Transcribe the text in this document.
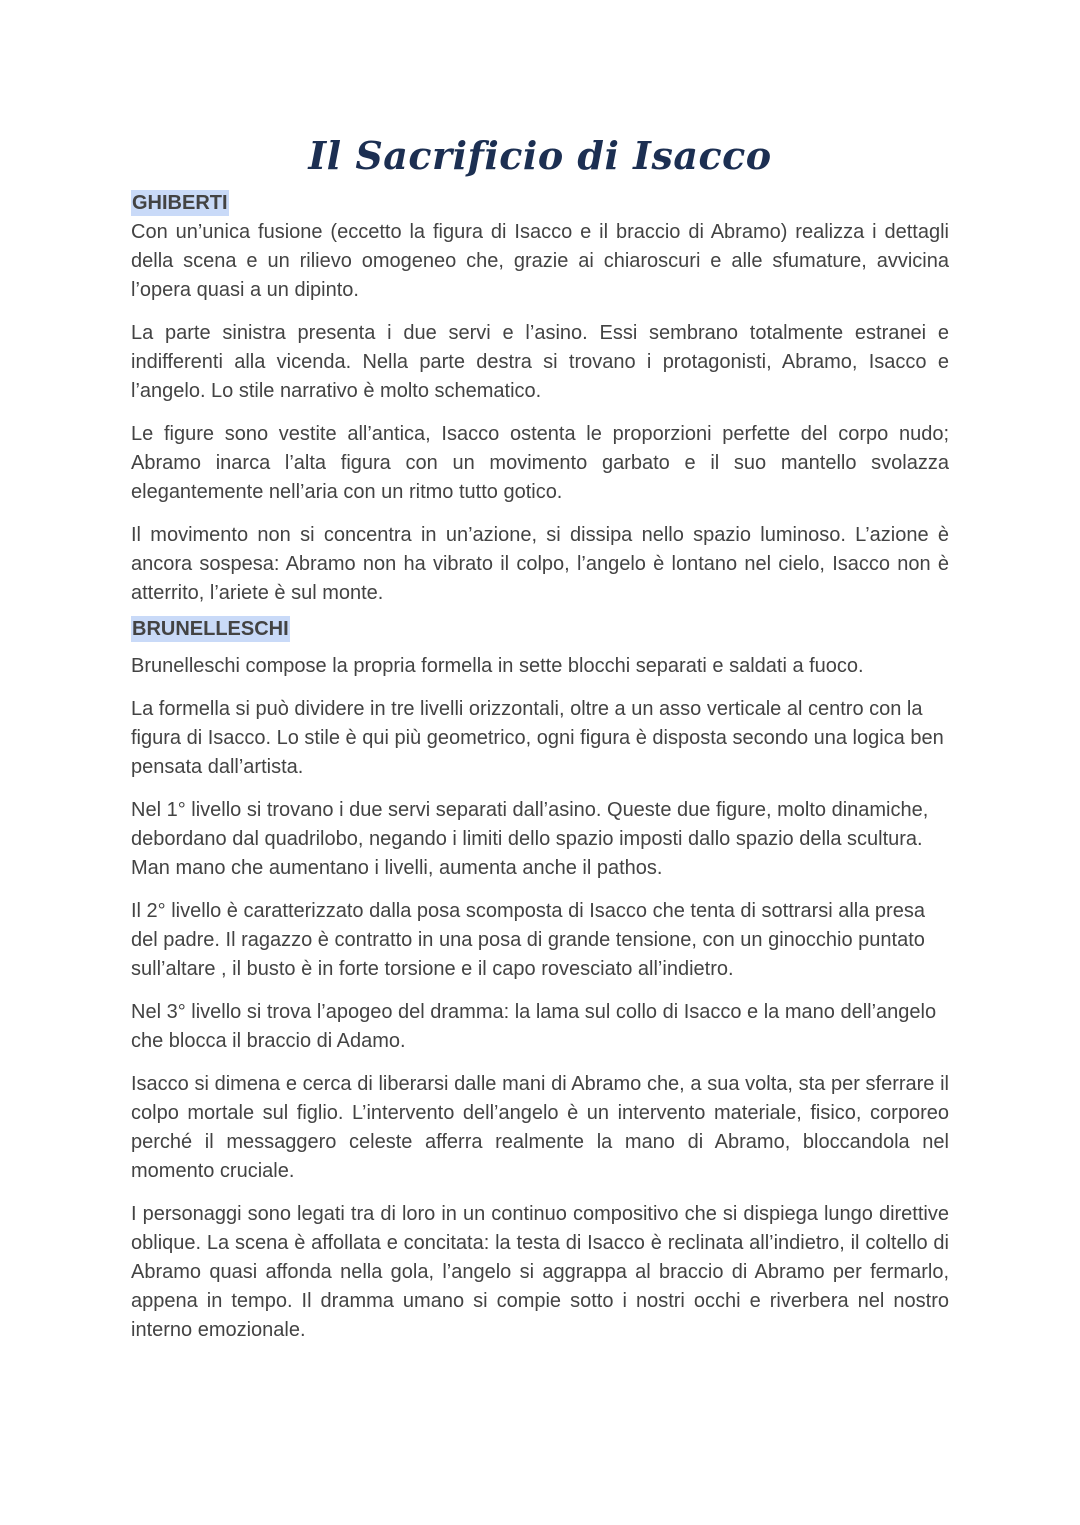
Il Sacrificio di Isacco
GHIBERTI

Con un’unica fusione (eccetto la figura di Isacco e il braccio di Abramo) realizza i dettagli della scena e un rilievo omogeneo che, grazie ai chiaroscuri e alle sfumature, avvicina l’opera quasi a un dipinto.

La parte sinistra presenta i due servi e l’asino. Essi sembrano totalmente estranei e indifferenti alla vicenda. Nella parte destra si trovano i protagonisti, Abramo, Isacco e l’angelo. Lo stile narrativo è molto schematico.

Le figure sono vestite all’antica, Isacco ostenta le proporzioni perfette del corpo nudo; Abramo inarca l’alta figura con un movimento garbato e il suo mantello svolazza elegantemente nell’aria con un ritmo tutto gotico.

Il movimento non si concentra in un’azione, si dissipa nello spazio luminoso. L’azione è ancora sospesa: Abramo non ha vibrato il colpo, l’angelo è lontano nel cielo, Isacco non è atterrito, l’ariete è sul monte.

BRUNELLESCHI

Brunelleschi compose la propria formella in sette blocchi separati e saldati a fuoco.

La formella si può dividere in tre livelli orizzontali, oltre a un asso verticale al centro con la figura di Isacco. Lo stile è qui più geometrico, ogni figura è disposta secondo una logica ben pensata dall’artista.

Nel 1° livello si trovano i due servi separati dall’asino. Queste due figure, molto dinamiche, debordano dal quadrilobo, negando i limiti dello spazio imposti dallo spazio della scultura. Man mano che aumentano i livelli, aumenta anche il pathos.

Il 2° livello è caratterizzato dalla posa scomposta di Isacco che tenta di sottrarsi alla presa del padre. Il ragazzo è contratto in una posa di grande tensione, con un ginocchio puntato sull’altare , il busto è in forte torsione e il capo rovesciato all’indietro.

Nel 3° livello si trova l’apogeo del dramma: la lama sul collo di Isacco e la mano dell’angelo che blocca il braccio di Adamo.

Isacco si dimena e cerca di liberarsi dalle mani di Abramo che, a sua volta, sta per sferrare il colpo mortale sul figlio. L’intervento dell’angelo è un intervento materiale, fisico, corporeo perché il messaggero celeste afferra realmente la mano di Abramo, bloccandola nel momento cruciale.

I personaggi sono legati tra di loro in un continuo compositivo che si dispiega lungo direttive oblique. La scena è affollata e concitata: la testa di Isacco è reclinata all’indietro, il coltello di Abramo quasi affonda nella gola, l’angelo si aggrappa al braccio di Abramo per fermarlo, appena in tempo. Il dramma umano si compie sotto i nostri occhi e riverbera nel nostro interno emozionale.
